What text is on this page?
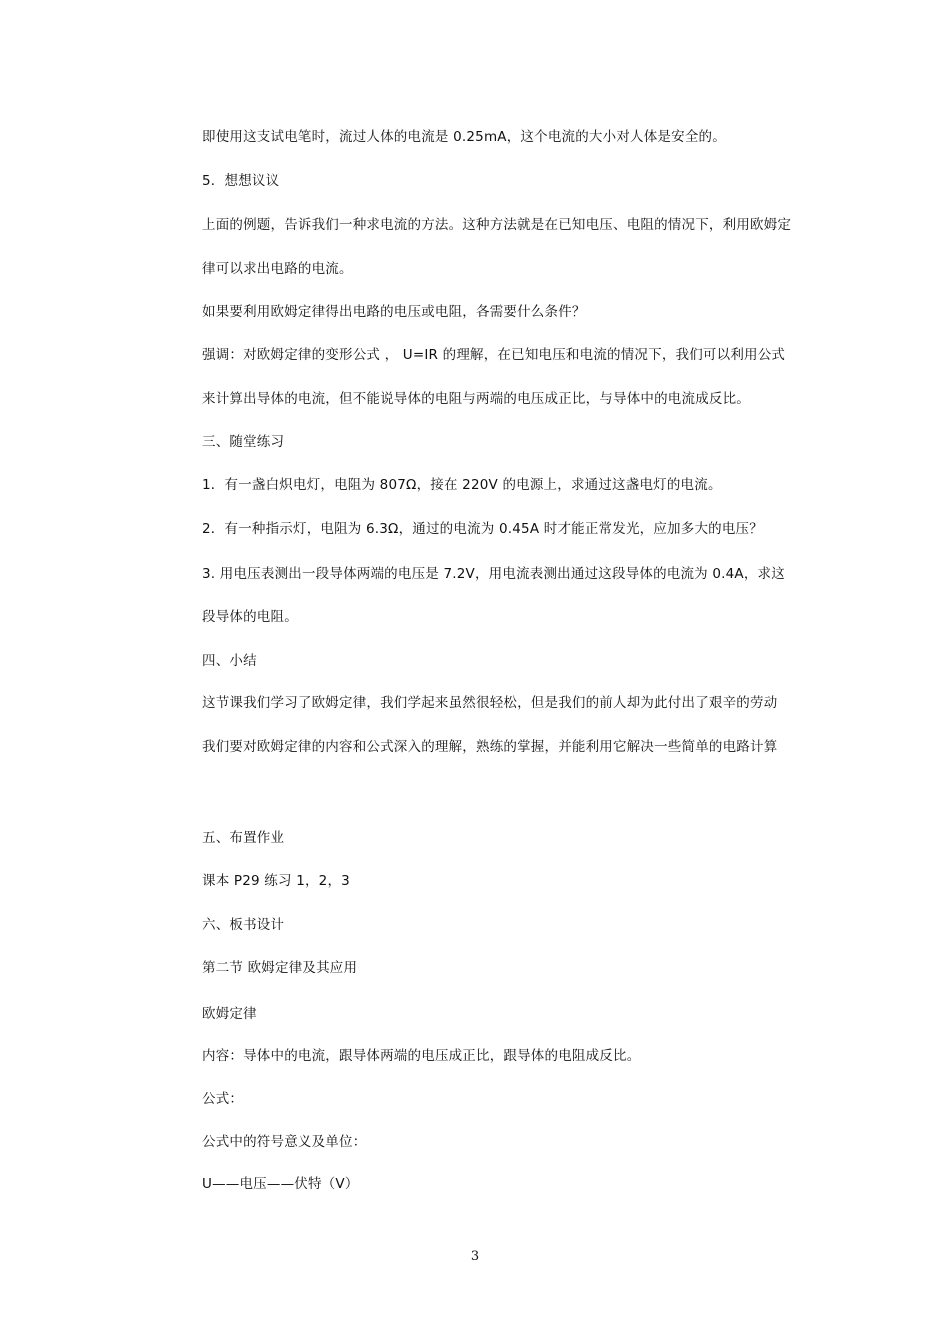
即使用这支试电笔时，流过人体的电流是 0.25mA，这个电流的大小对人体是安全的。
5．想想议议
上面的例题，告诉我们一种求电流的方法。这种方法就是在已知电压、电阻的情况下，利用欧姆定
律可以求出电路的电流。
如果要利用欧姆定律得出电路的电压或电阻，各需要什么条件？
强调：对欧姆定律的变形公式 ， U=IR 的理解，在已知电压和电流的情况下，我们可以利用公式
来计算出导体的电流，但不能说导体的电阻与两端的电压成正比，与导体中的电流成反比。
三、随堂练习
1．有一盏白炽电灯，电阻为 807Ω，接在 220V 的电源上，求通过这盏电灯的电流。
2．有一种指示灯，电阻为 6.3Ω，通过的电流为 0.45A 时才能正常发光，应加多大的电压？
3. 用电压表测出一段导体两端的电压是 7.2V，用电流表测出通过这段导体的电流为 0.4A，求这
段导体的电阻。
四、小结
这节课我们学习了欧姆定律，我们学起来虽然很轻松，但是我们的前人却为此付出了艰辛的劳动
我们要对欧姆定律的内容和公式深入的理解，熟练的掌握，并能利用它解决一些简单的电路计算
五、布置作业
课本 P29 练习 1，2，3
六、板书设计
第二节 欧姆定律及其应用
欧姆定律
内容：导体中的电流，跟导体两端的电压成正比，跟导体的电阻成反比。
公式：
公式中的符号意义及单位：
U——电压——伏特（V）
3
